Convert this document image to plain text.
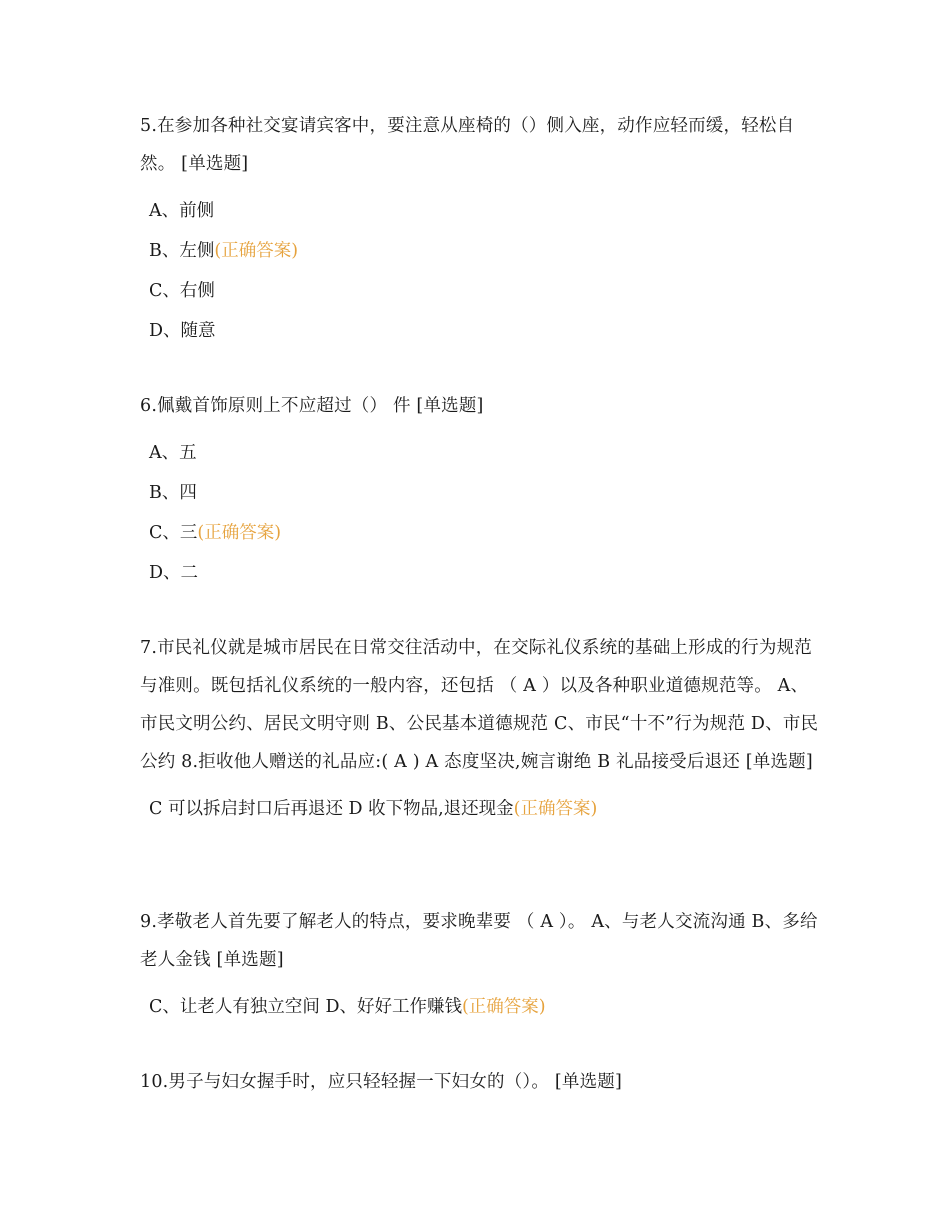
5.在参加各种社交宴请宾客中，要注意从座椅的（）侧入座，动作应轻而缓，轻松自然。 [单选题]

A、前侧
B、左侧(正确答案)
C、右侧
D、随意

6.佩戴首饰原则上不应超过（） 件 [单选题]

A、五
B、四
C、三(正确答案)
D、二

7.市民礼仪就是城市居民在日常交往活动中，在交际礼仪系统的基础上形成的行为规范与准则。既包括礼仪系统的一般内容，还包括 （ A ）以及各种职业道德规范等。 A、市民文明公约、居民文明守则 B、公民基本道德规范 C、市民“十不”行为规范 D、市民公约 8.拒收他人赠送的礼品应:( A ) A 态度坚决,婉言谢绝 B 礼品接受后退还 [单选题]

C 可以拆启封口后再退还 D 收下物品,退还现金(正确答案)

9.孝敬老人首先要了解老人的特点，要求晚辈要 （ A ）。 A、与老人交流沟通 B、多给老人金钱 [单选题]

C、让老人有独立空间 D、好好工作赚钱(正确答案)

10.男子与妇女握手时，应只轻轻握一下妇女的（）。 [单选题]
